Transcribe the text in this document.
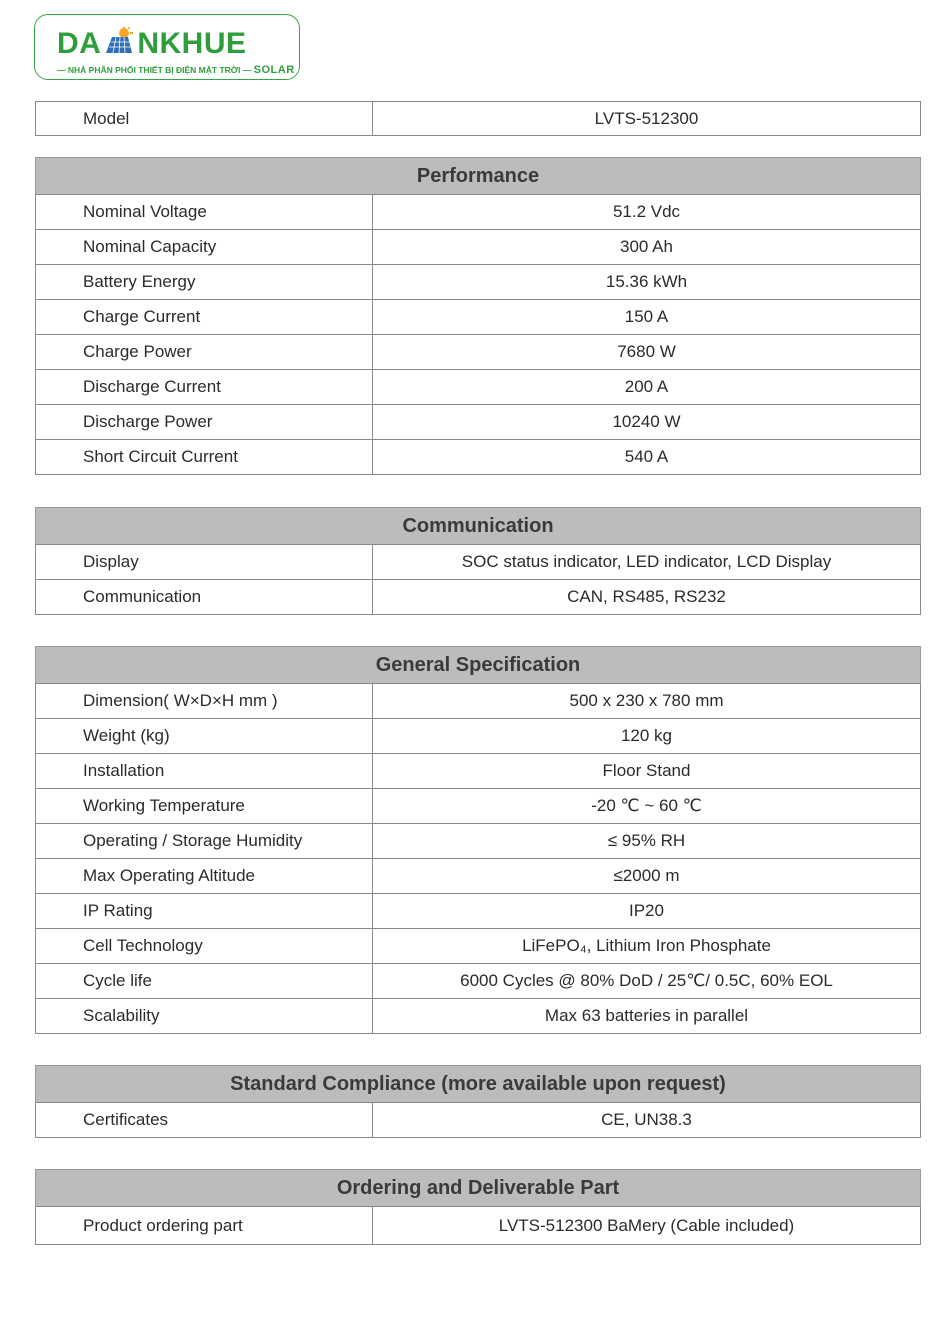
DA NKHUE
— NHÀ PHÂN PHỐI THIẾT BỊ ĐIỆN MẶT TRỜI — SOLAR
Model	LVTS-512300
Performance
Nominal Voltage	51.2 Vdc
Nominal Capacity	300 Ah
Battery Energy	15.36 kWh
Charge Current	150 A
Charge Power	7680 W
Discharge Current	200 A
Discharge Power	10240 W
Short Circuit Current	540 A
Communication
Display	SOC status indicator, LED indicator, LCD Display
Communication	CAN, RS485, RS232
General Specification
Dimension( W×D×H mm )	500 x 230 x 780 mm
Weight (kg)	120 kg
Installation	Floor Stand
Working Temperature	-20 ℃ ~ 60 ℃
Operating / Storage Humidity	≤ 95% RH
Max Operating Altitude	≤2000 m
IP Rating	IP20
Cell Technology	LiFePO₄, Lithium Iron Phosphate
Cycle life	6000 Cycles @ 80% DoD / 25℃/ 0.5C, 60% EOL
Scalability	Max 63 batteries in parallel
Standard Compliance (more available upon request)
Certificates	CE, UN38.3
Ordering and Deliverable Part
Product ordering part	LVTS-512300 BaMery (Cable included)
